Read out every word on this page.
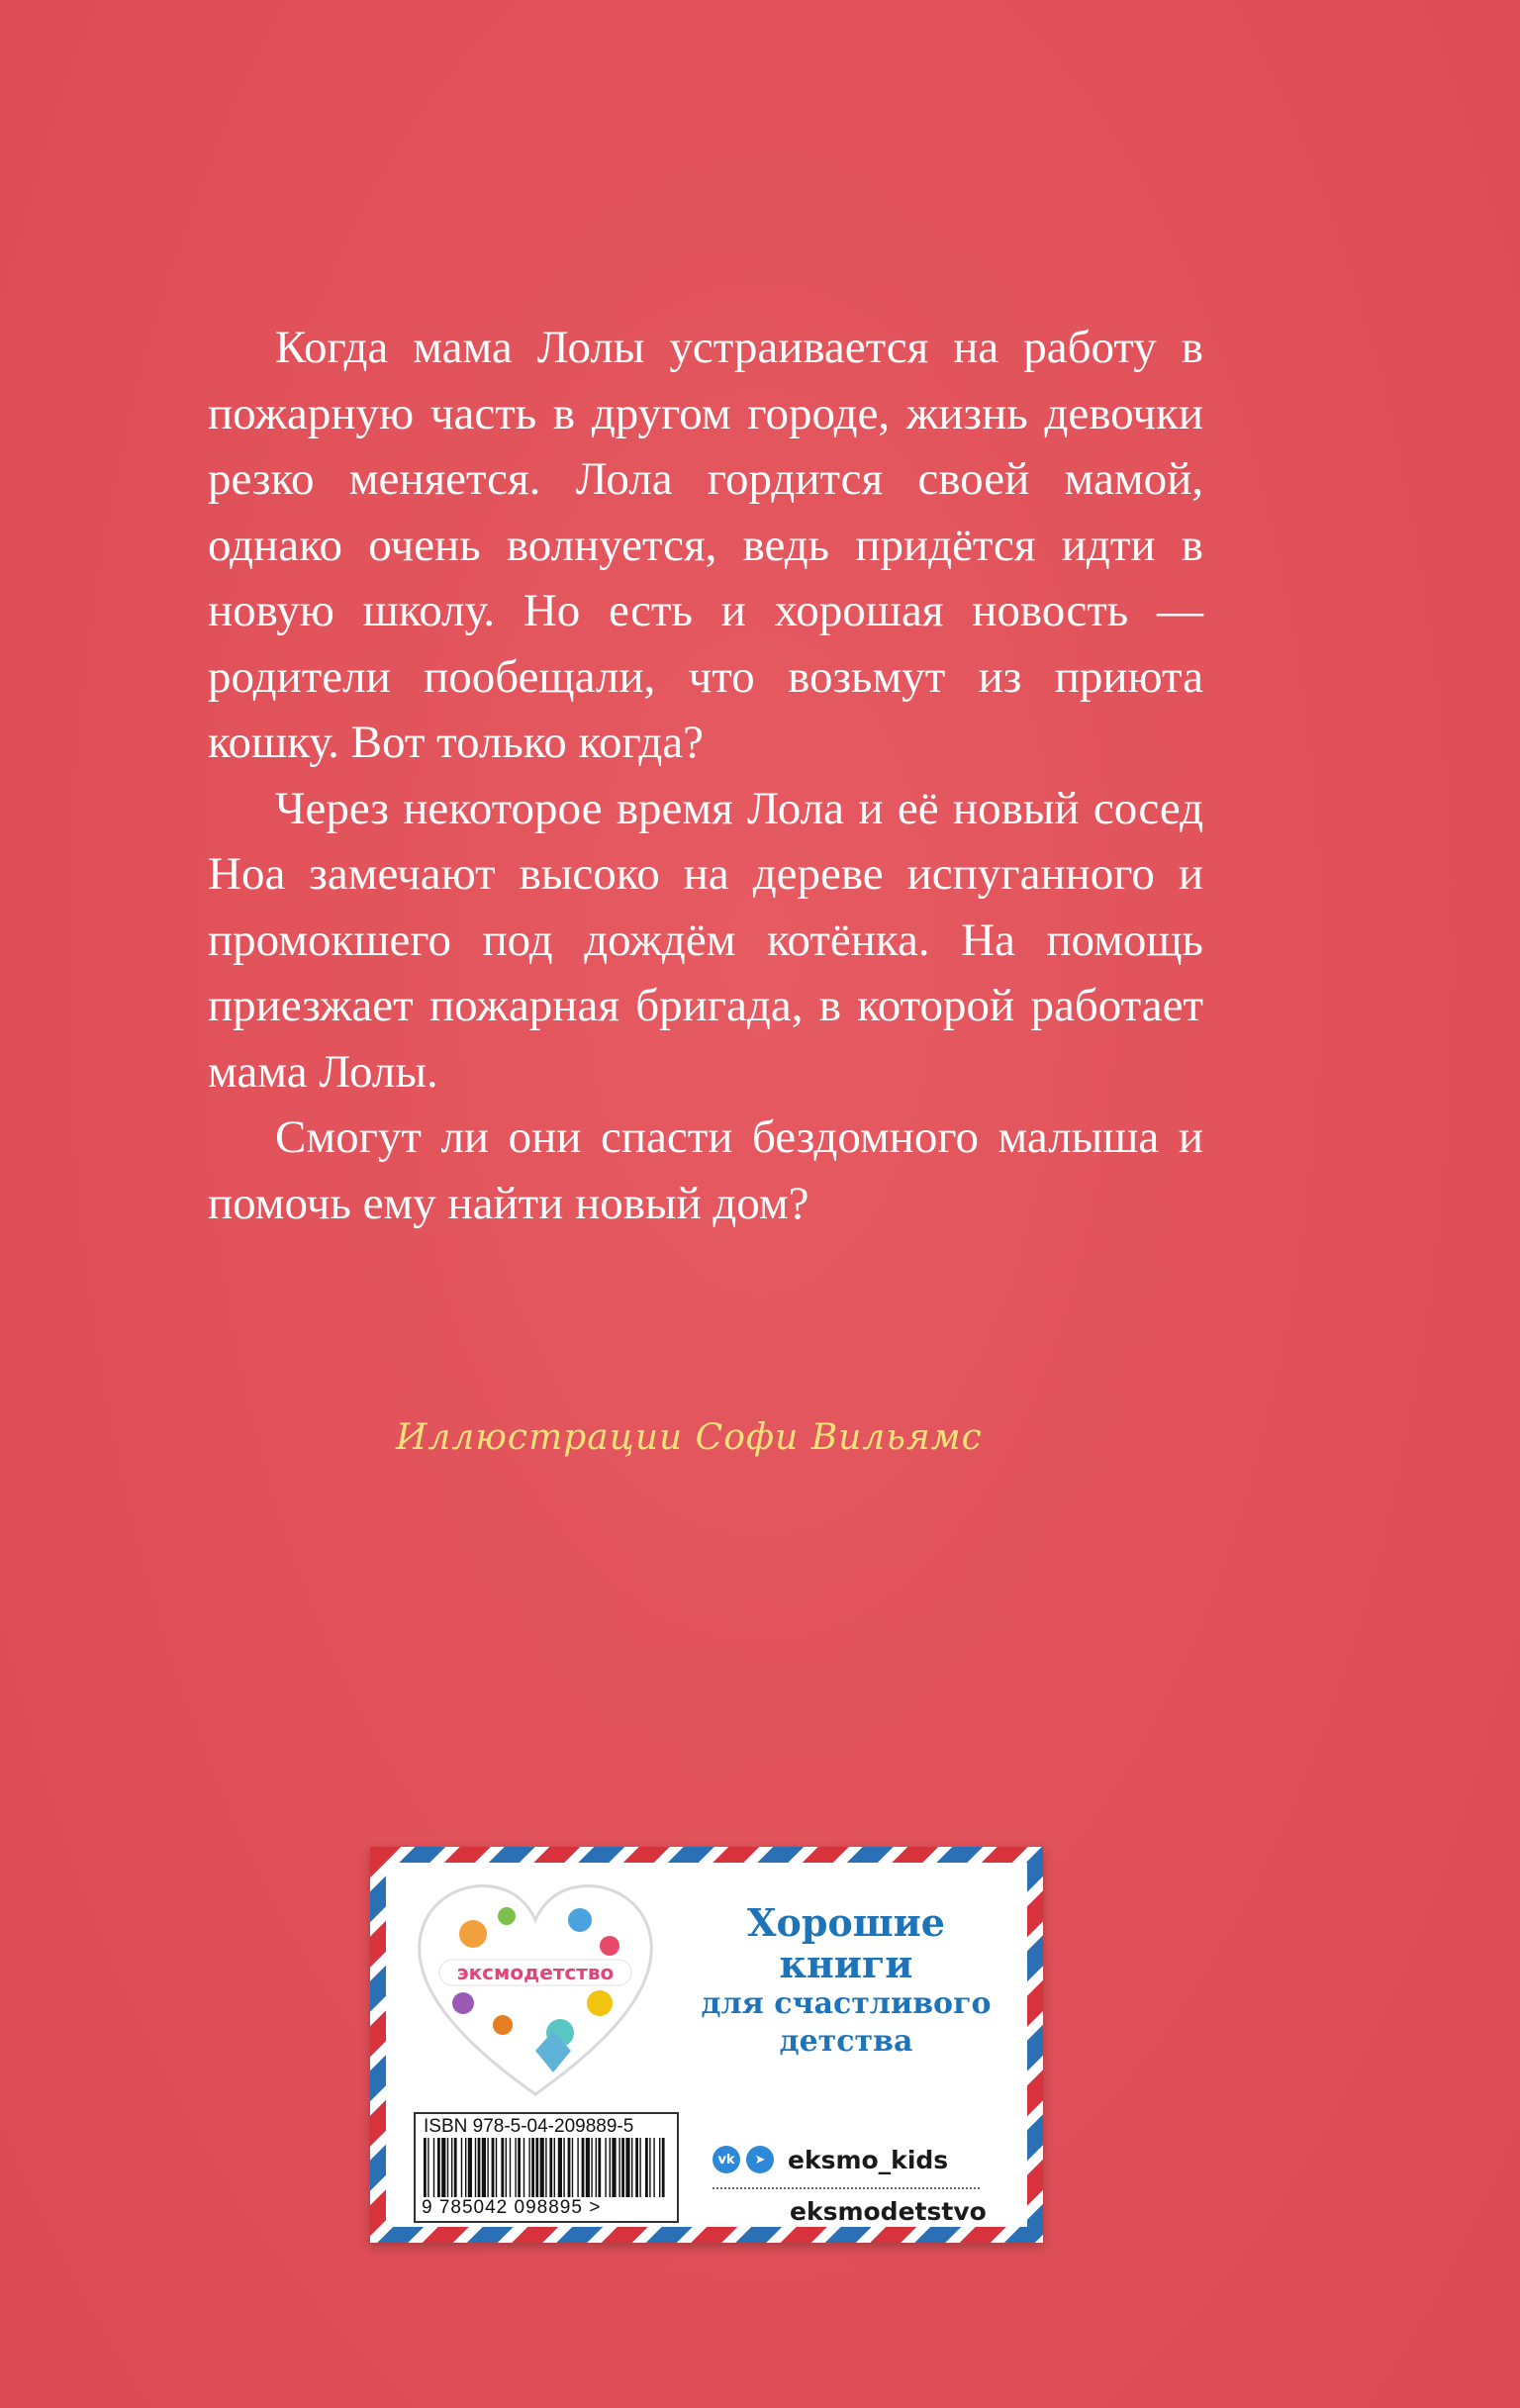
Когда мама Лолы устраивается на работу в пожарную часть в другом городе, жизнь девочки резко меняется. Лола гордится своей мамой, однако очень волнуется, ведь придётся идти в новую школу. Но есть и хорошая новость — родители пообещали, что возьмут из приюта кошку. Вот только когда?

Через некоторое время Лола и её новый сосед Ноа замечают высоко на дереве испуганного и промокшего под дождём котёнка. На помощь приезжает пожарная бригада, в которой работает мама Лолы.

Смогут ли они спасти бездомного малыша и помочь ему найти новый дом?

Иллюстрации Софи Вильямс
эксмодетство
Хорошие
книги
для счастливого
детства
ISBN 978-5-04-209889-5
9 785042 098895 >
vk	➤ eksmo_kids
eksmodetstvo
